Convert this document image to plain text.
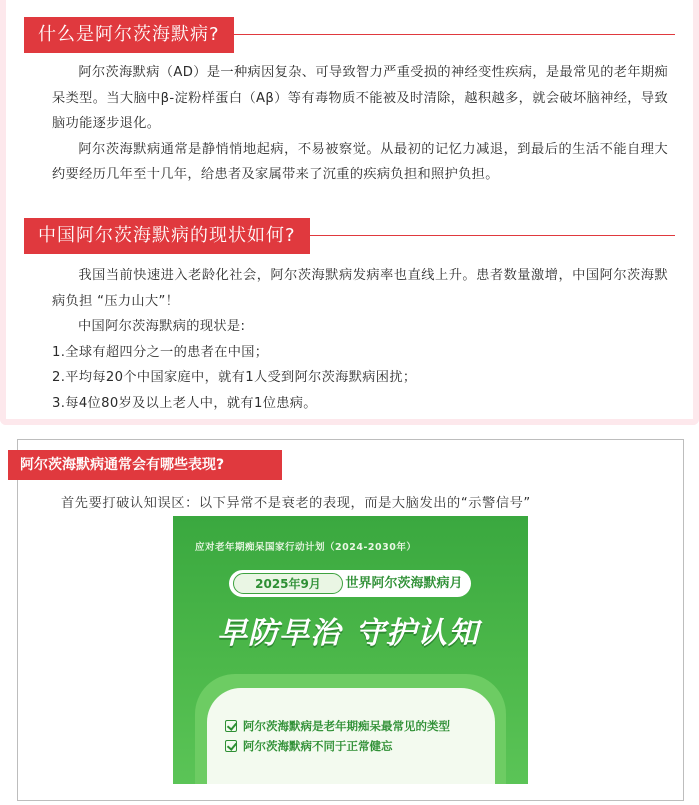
什么是阿尔茨海默病?

阿尔茨海默病（AD）是一种病因复杂、可导致智力严重受损的神经变性疾病，是最常见的老年期痴呆类型。当大脑中β-淀粉样蛋白（Aβ）等有毒物质不能被及时清除，越积越多，就会破坏脑神经，导致脑功能逐步退化。

阿尔茨海默病通常是静悄悄地起病，不易被察觉。从最初的记忆力减退，到最后的生活不能自理大约要经历几年至十几年，给患者及家属带来了沉重的疾病负担和照护负担。

中国阿尔茨海默病的现状如何?

我国当前快速进入老龄化社会，阿尔茨海默病发病率也直线上升。患者数量激增，中国阿尔茨海默病负担 “压力山大”！

中国阿尔茨海默病的现状是:
1.全球有超四分之一的患者在中国；
2.平均每20个中国家庭中，就有1人受到阿尔茨海默病困扰；
3.每4位80岁及以上老人中，就有1位患病。
阿尔茨海默病通常会有哪些表现?
首先要打破认知误区：以下异常不是衰老的表现，而是大脑发出的“示警信号”
应对老年期痴呆国家行动计划（2024-2030年）
2025年9月	世界阿尔茨海默病月
早防早治 守护认知
阿尔茨海默病是老年期痴呆最常见的类型
阿尔茨海默病不同于正常健忘
